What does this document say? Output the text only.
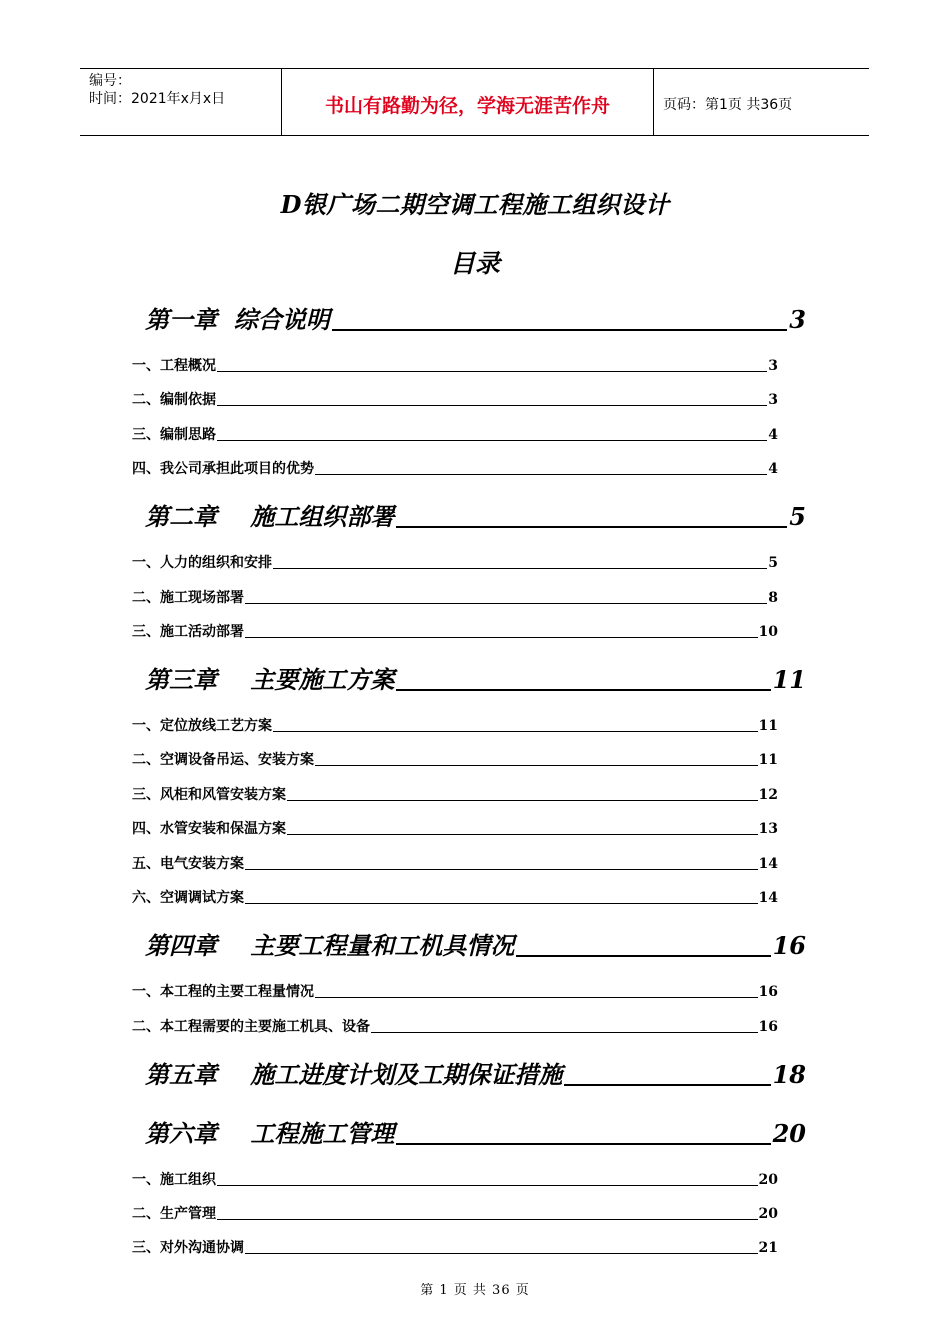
编号：
时间：2021年x月x日	书山有路勤为径，学海无涯苦作舟	页码：第1页 共36页
D银广场二期空调工程施工组织设计
目录
第一章  综合说明	3
一、工程概况	3
二、编制依据	3
三、编制思路	4
四、我公司承担此项目的优势	4
第二章    施工组织部署	5
一、人力的组织和安排	5
二、施工现场部署	8
三、施工活动部署	10
第三章    主要施工方案	11
一、定位放线工艺方案	11
二、空调设备吊运、安装方案	11
三、风柜和风管安装方案	12
四、水管安装和保温方案	13
五、电气安装方案	14
六、空调调试方案	14
第四章    主要工程量和工机具情况	16
一、本工程的主要工程量情况	16
二、本工程需要的主要施工机具、设备	16
第五章    施工进度计划及工期保证措施	18
第六章    工程施工管理	20
一、施工组织	20
二、生产管理	20
三、对外沟通协调	21
第 1 页 共 36 页
